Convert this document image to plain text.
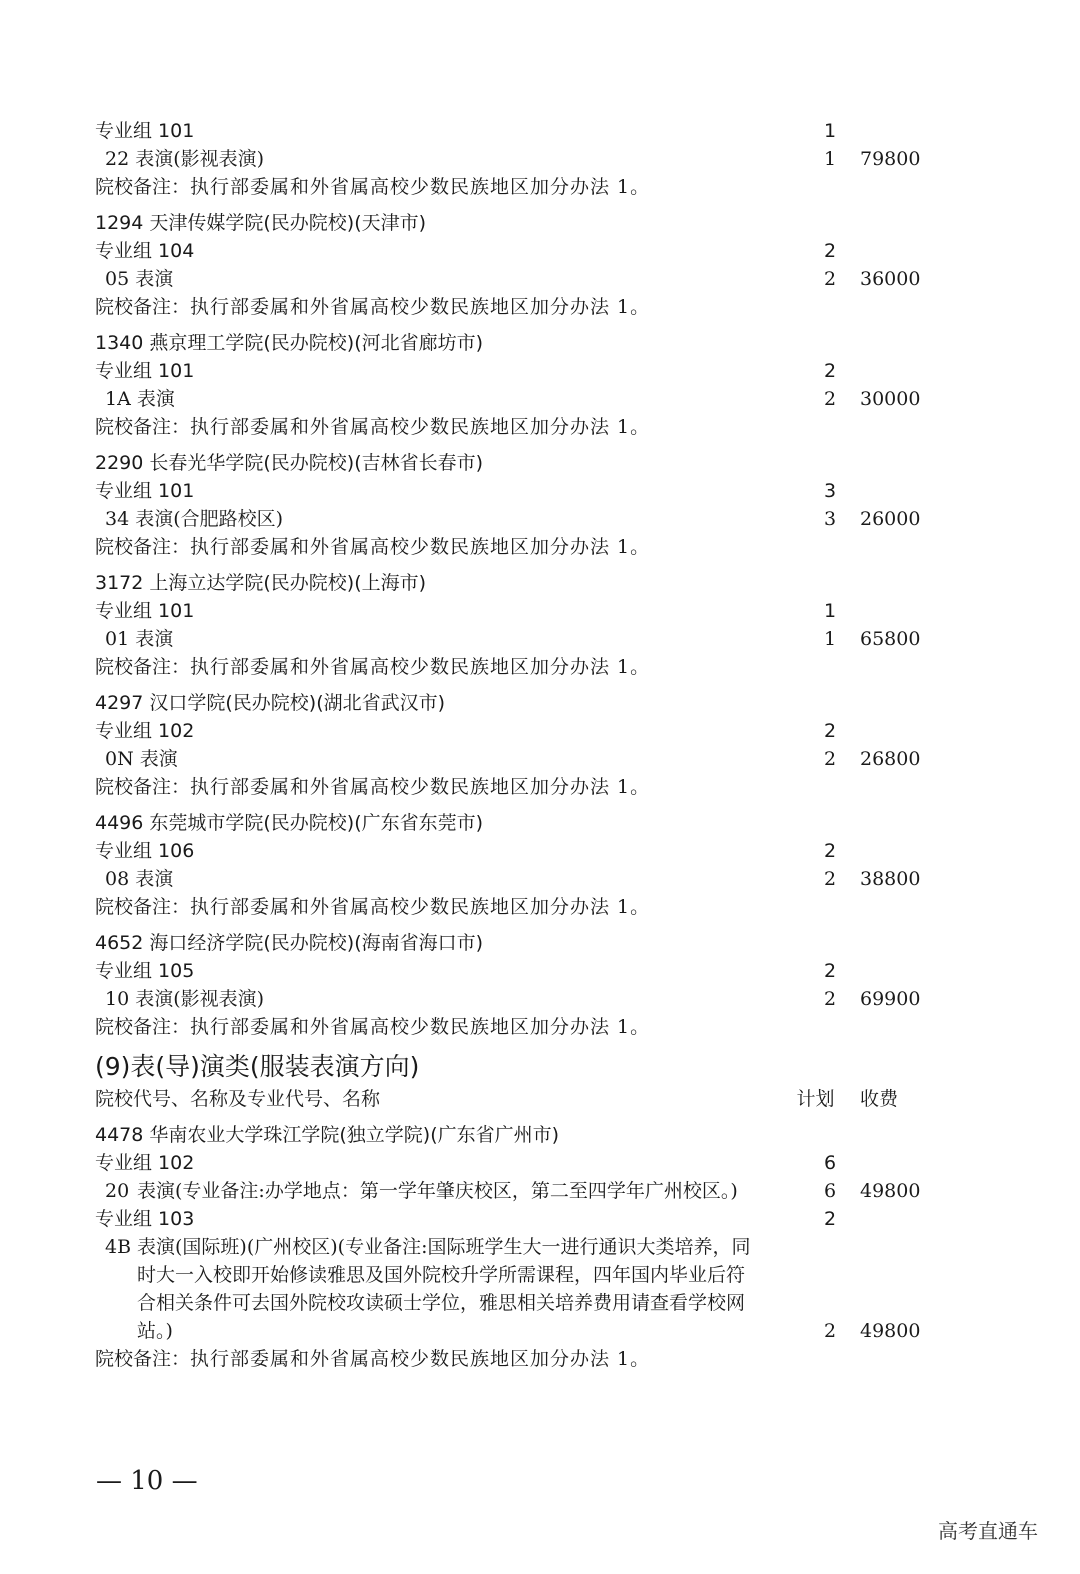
专业组 101	1
22 表演(影视表演)	1	79800
院校备注：执行部委属和外省属高校少数民族地区加分办法 1。
1294 天津传媒学院(民办院校)(天津市)
专业组 104	2
05 表演	2	36000
院校备注：执行部委属和外省属高校少数民族地区加分办法 1。
1340 燕京理工学院(民办院校)(河北省廊坊市)
专业组 101	2
1A 表演	2	30000
院校备注：执行部委属和外省属高校少数民族地区加分办法 1。
2290 长春光华学院(民办院校)(吉林省长春市)
专业组 101	3
34 表演(合肥路校区)	3	26000
院校备注：执行部委属和外省属高校少数民族地区加分办法 1。
3172 上海立达学院(民办院校)(上海市)
专业组 101	1
01 表演	1	65800
院校备注：执行部委属和外省属高校少数民族地区加分办法 1。
4297 汉口学院(民办院校)(湖北省武汉市)
专业组 102	2
0N 表演	2	26800
院校备注：执行部委属和外省属高校少数民族地区加分办法 1。
4496 东莞城市学院(民办院校)(广东省东莞市)
专业组 106	2
08 表演	2	38800
院校备注：执行部委属和外省属高校少数民族地区加分办法 1。
4652 海口经济学院(民办院校)(海南省海口市)
专业组 105	2
10 表演(影视表演)	2	69900
院校备注：执行部委属和外省属高校少数民族地区加分办法 1。
(9)表(导)演类(服装表演方向)
院校代号、名称及专业代号、名称	计划 收费
4478 华南农业大学珠江学院(独立学院)(广东省广州市)
专业组 102	6
20 表演(专业备注:办学地点：第一学年肇庆校区，第二至四学年广州校区。)	6	49800
专业组 103	2
4B 表演(国际班)(广州校区)(专业备注:国际班学生大一进行通识大类培养，同时大一入校即开始修读雅思及国外院校升学所需课程，四年国内毕业后符合相关条件可去国外院校攻读硕士学位，雅思相关培养费用请查看学校网站。)	2	49800
院校备注：执行部委属和外省属高校少数民族地区加分办法 1。
— 10 —
高考直通车
